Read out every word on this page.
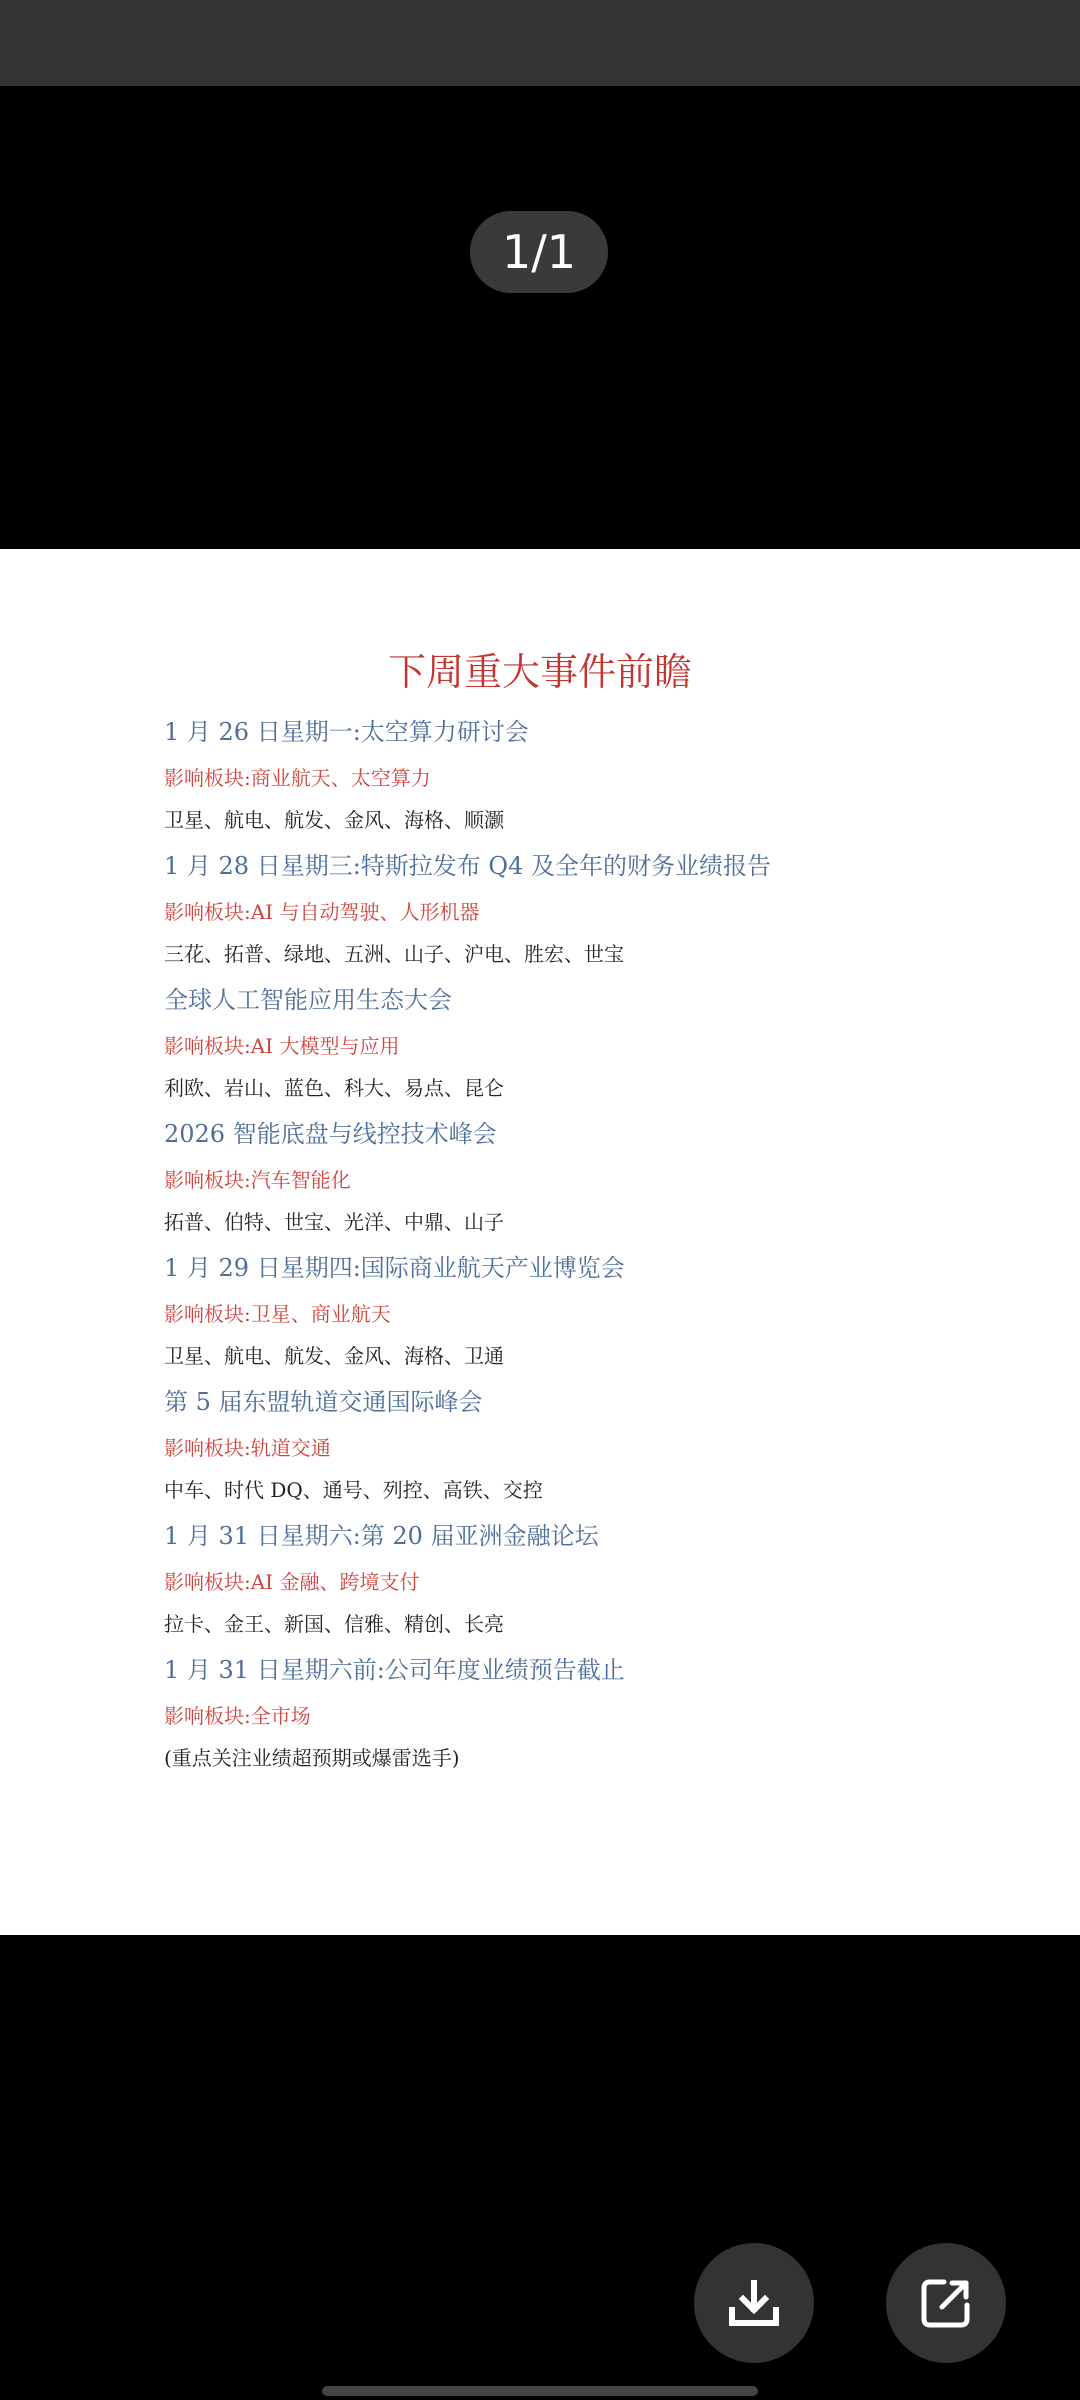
1/1
下周重大事件前瞻
1 月 26 日星期一:太空算力研讨会
影响板块:商业航天、太空算力
卫星、航电、航发、金风、海格、顺灏
1 月 28 日星期三:特斯拉发布 Q4 及全年的财务业绩报告
影响板块:AI 与自动驾驶、人形机器
三花、拓普、绿地、五洲、山子、沪电、胜宏、世宝
全球人工智能应用生态大会
影响板块:AI 大模型与应用
利欧、岩山、蓝色、科大、易点、昆仑
2026 智能底盘与线控技术峰会
影响板块:汽车智能化
拓普、伯特、世宝、光洋、中鼎、山子
1 月 29 日星期四:国际商业航天产业博览会
影响板块:卫星、商业航天
卫星、航电、航发、金风、海格、卫通
第 5 届东盟轨道交通国际峰会
影响板块:轨道交通
中车、时代 DQ、通号、列控、高铁、交控
1 月 31 日星期六:第 20 届亚洲金融论坛
影响板块:AI 金融、跨境支付
拉卡、金王、新国、信雅、精创、长亮
1 月 31 日星期六前:公司年度业绩预告截止
影响板块:全市场
(重点关注业绩超预期或爆雷选手)
